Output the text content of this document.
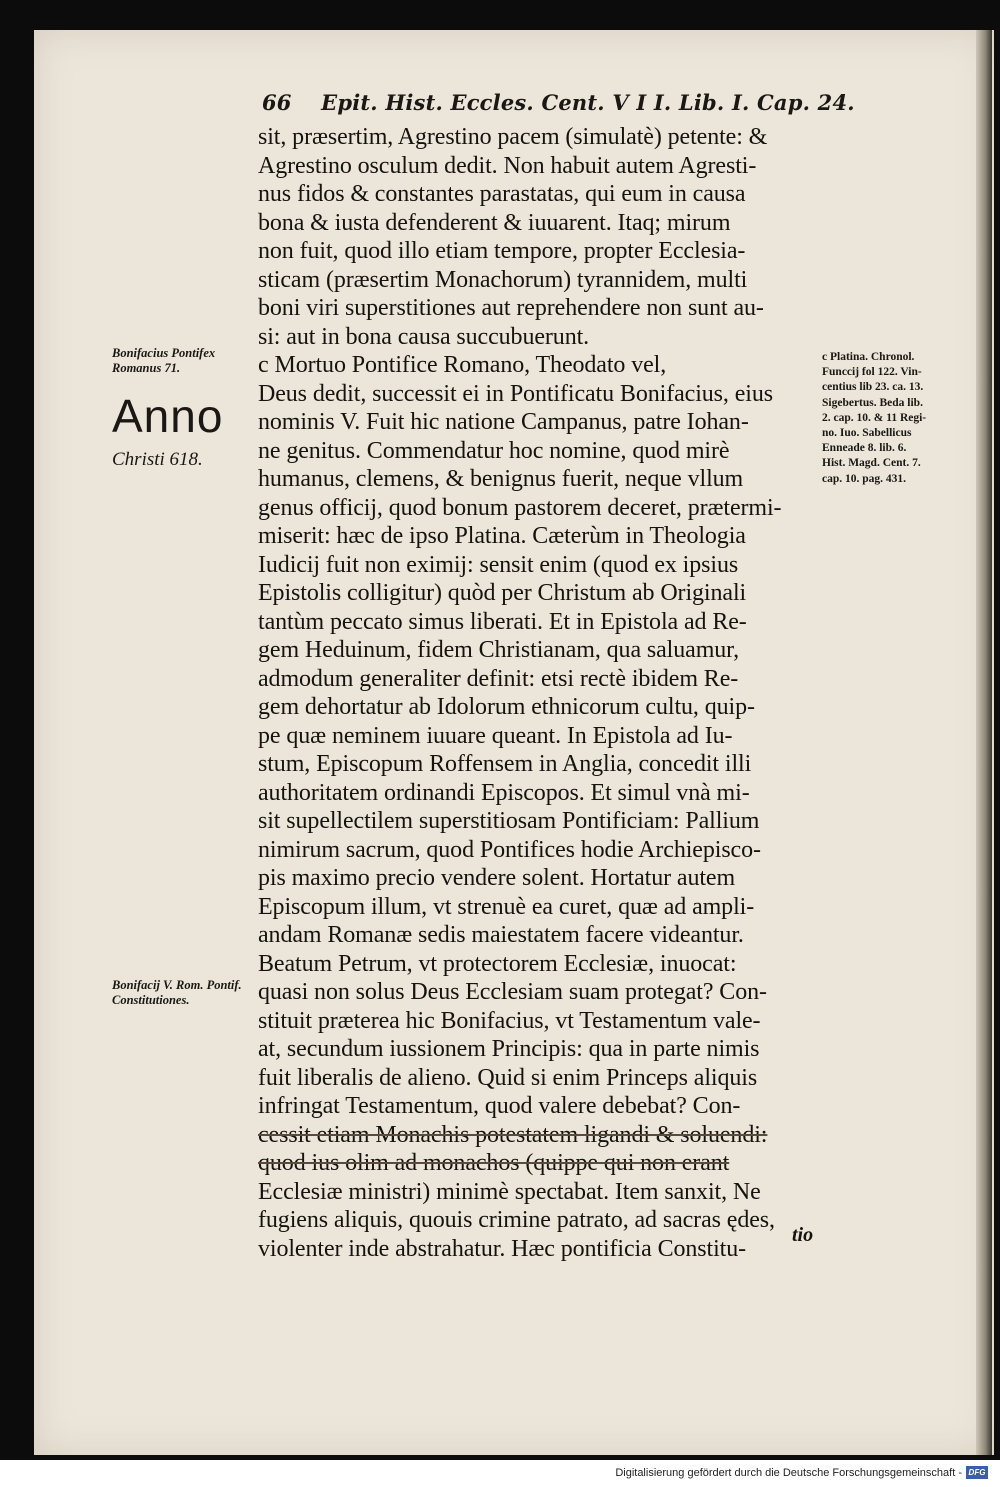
66 Epit. Hist. Eccles. Cent. V I I. Lib. I. Cap. 24.
Bonifacius Pontifex Romanus 71.
Anno
Christi 618.
Bonifacij V. Rom. Pontif. Constitutiones.
c Platina. Chronol.
Funccij fol 122. Vin-
centius lib 23. ca. 13.
Sigebertus. Beda lib.
2. cap. 10. & 11 Regi-
no. Iuo. Sabellicus
Enneade 8. lib. 6.
Hist. Magd. Cent. 7.
cap. 10. pag. 431.
sit, præsertim, Agrestino pacem (simulatè) petente: &
Agrestino osculum dedit. Non habuit autem Agresti-
nus fidos & constantes parastatas, qui eum in causa
bona & iusta defenderent & iuuarent. Itaq; mirum
non fuit, quod illo etiam tempore, propter Ecclesia-
sticam (præsertim Monachorum) tyrannidem, multi
boni viri superstitiones aut reprehendere non sunt au-
si: aut in bona causa succubuerunt.
c Mortuo Pontifice Romano, Theodato vel,
Deus dedit, successit ei in Pontificatu Bonifacius, eius
nominis V. Fuit hic natione Campanus, patre Iohan-
ne genitus. Commendatur hoc nomine, quod mirè
humanus, clemens, & benignus fuerit, neque vllum
genus officij, quod bonum pastorem deceret, prætermi-
miserit: hæc de ipso Platina. Cæterùm in Theologia
Iudicij fuit non eximij: sensit enim (quod ex ipsius
Epistolis colligitur) quòd per Christum ab Originali
tantùm peccato simus liberati. Et in Epistola ad Re-
gem Heduinum, fidem Christianam, qua saluamur,
admodum generaliter definit: etsi rectè ibidem Re-
gem dehortatur ab Idolorum ethnicorum cultu, quip-
pe quæ neminem iuuare queant. In Epistola ad Iu-
stum, Episcopum Roffensem in Anglia, concedit illi
authoritatem ordinandi Episcopos. Et simul vnà mi-
sit supellectilem superstitiosam Pontificiam: Pallium
nimirum sacrum, quod Pontifices hodie Archiepisco-
pis maximo precio vendere solent. Hortatur autem
Episcopum illum, vt strenuè ea curet, quæ ad ampli-
andam Romanæ sedis maiestatem facere videantur.
Beatum Petrum, vt protectorem Ecclesiæ, inuocat:
quasi non solus Deus Ecclesiam suam protegat? Con-
stituit præterea hic Bonifacius, vt Testamentum vale-
at, secundum iussionem Principis: qua in parte nimis
fuit liberalis de alieno. Quid si enim Princeps aliquis
infringat Testamentum, quod valere debebat? Con-
cessit etiam Monachis potestatem ligandi & soluendi:
quod ius olim ad monachos (quippe qui non erant
Ecclesiæ ministri) minimè spectabat. Item sanxit, Ne
fugiens aliquis, quouis crimine patrato, ad sacras ędes,
violenter inde abstrahatur. Hæc pontificia Constitu-
tio
Digitalisierung gefördert durch die Deutsche Forschungsgemeinschaft - DFG
